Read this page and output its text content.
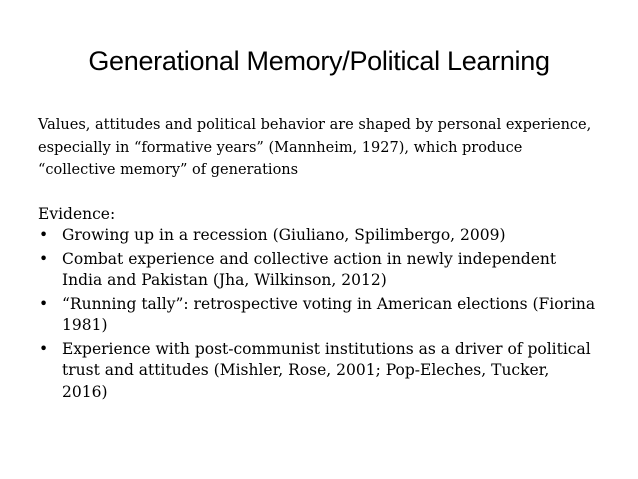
Generational Memory/Political Learning

Values, attitudes and political behavior are shaped by personal experience, especially in “formative years” (Mannheim, 1927), which produce “collective memory” of generations

Evidence:

• Growing up in a recession (Giuliano, Spilimbergo, 2009)
• Combat experience and collective action in newly independent India and Pakistan (Jha, Wilkinson, 2012)
• “Running tally”: retrospective voting in American elections (Fiorina 1981)
• Experience with post-communist institutions as a driver of political trust and attitudes (Mishler, Rose, 2001; Pop-Eleches, Tucker, 2016)
